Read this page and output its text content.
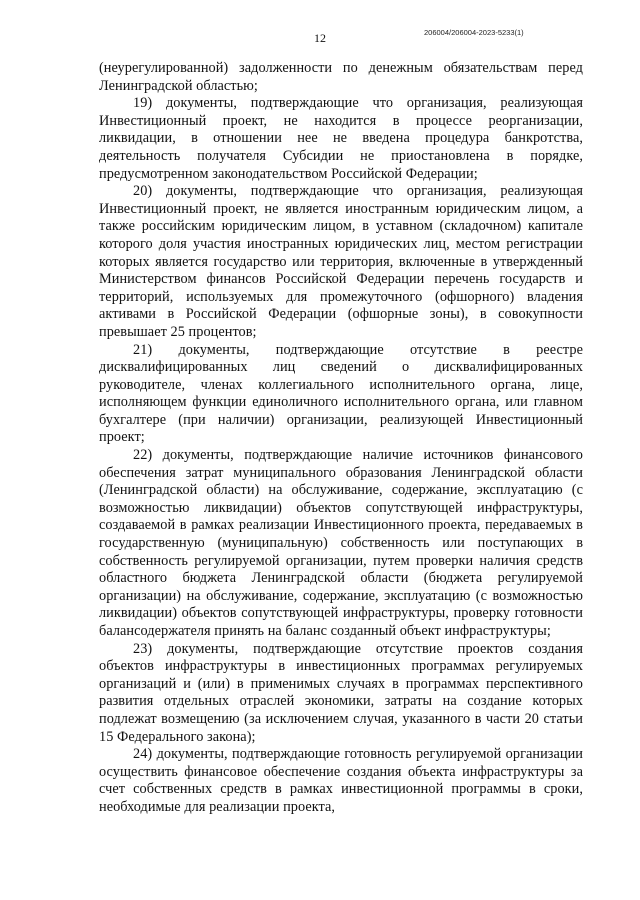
206004/206004-2023-5233(1)
12

(неурегулированной) задолженности по денежным обязательствам перед Ленинградской областью;

19) документы, подтверждающие что организация, реализующая Инвестиционный проект, не находится в процессе реорганизации, ликвидации, в отношении нее не введена процедура банкротства, деятельность получателя Субсидии не приостановлена в порядке, предусмотренном законодательством Российской Федерации;

20) документы, подтверждающие что организация, реализующая Инвестиционный проект, не является иностранным юридическим лицом, а также российским юридическим лицом, в уставном (складочном) капитале которого доля участия иностранных юридических лиц, местом регистрации которых является государство или территория, включенные в утвержденный Министерством финансов Российской Федерации перечень государств и территорий, используемых для промежуточного (офшорного) владения активами в Российской Федерации (офшорные зоны), в совокупности превышает 25 процентов;

21) документы, подтверждающие отсутствие в реестре дисквалифицированных лиц сведений о дисквалифицированных руководителе, членах коллегиального исполнительного органа, лице, исполняющем функции единоличного исполнительного органа, или главном бухгалтере (при наличии) организации, реализующей Инвестиционный проект;

22) документы, подтверждающие наличие источников финансового обеспечения затрат муниципального образования Ленинградской области (Ленинградской области) на обслуживание, содержание, эксплуатацию (с возможностью ликвидации) объектов сопутствующей инфраструктуры, создаваемой в рамках реализации Инвестиционного проекта, передаваемых в государственную (муниципальную) собственность или поступающих в собственность регулируемой организации, путем проверки наличия средств областного бюджета Ленинградской области (бюджета регулируемой организации) на обслуживание, содержание, эксплуатацию (с возможностью ликвидации) объектов сопутствующей инфраструктуры, проверку готовности балансодержателя принять на баланс созданный объект инфраструктуры;

23) документы, подтверждающие отсутствие проектов создания объектов инфраструктуры в инвестиционных программах регулируемых организаций и (или) в применимых случаях в программах перспективного развития отдельных отраслей экономики, затраты на создание которых подлежат возмещению (за исключением случая, указанного в части 20 статьи 15 Федерального закона);

24) документы, подтверждающие готовность регулируемой организации осуществить финансовое обеспечение создания объекта инфраструктуры за счет собственных средств в рамках инвестиционной программы в сроки, необходимые для реализации проекта,
